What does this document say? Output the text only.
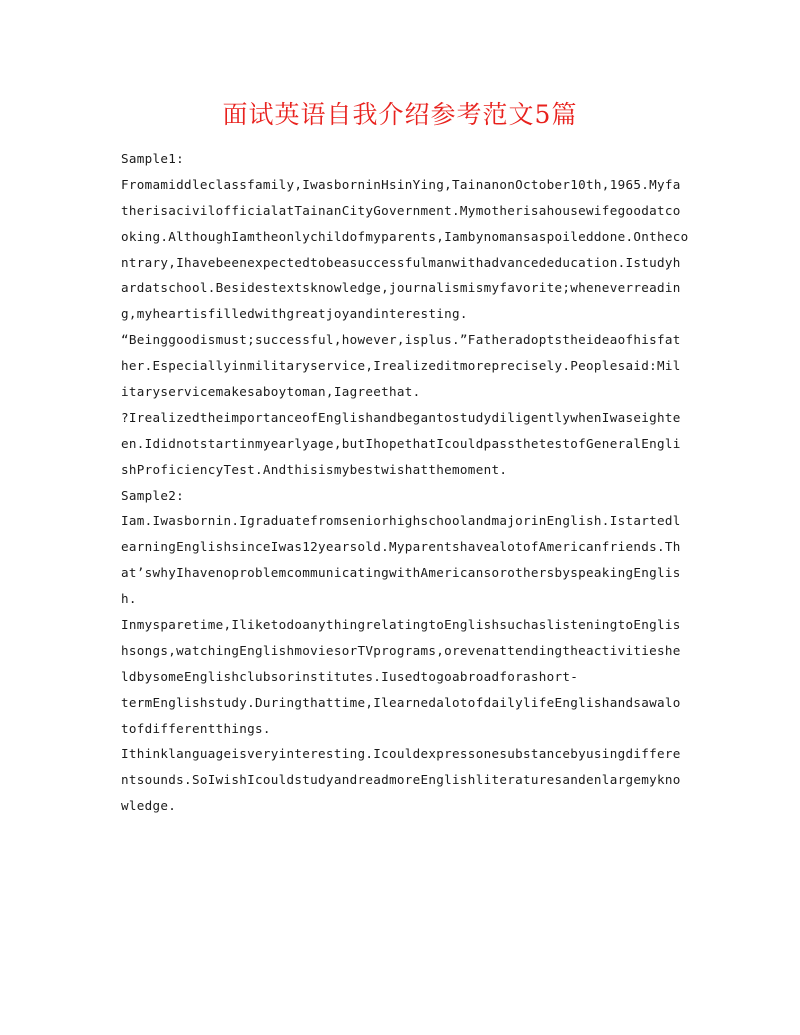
面试英语自我介绍参考范文5篇
Sample1:
Fromamiddleclassfamily,IwasborninHsinYing,TainanonOctober10th,1965.Myfa
therisacivilofficialatTainanCityGovernment.Mymotherisahousewifegoodatco
oking.AlthoughIamtheonlychildofmyparents,Iambynomansaspoileddone.Ontheco
ntrary,Ihavebeenexpectedtobeasuccessfulmanwithadvancededucation.Istudyh
ardatschool.Besidestextsknowledge,journalismismyfavorite;wheneverreadin
g,myheartisfilledwithgreatjoyandinteresting.
“Beinggoodismust;successful,however,isplus.”Fatheradoptstheideaofhisfat
her.Especiallyinmilitaryservice,Irealizeditmoreprecisely.Peoplesaid:Mil
itaryservicemakesaboytoman,Iagreethat.
?IrealizedtheimportanceofEnglishandbegantostudydiligentlywhenIwaseighte
en.Ididnotstartinmyearlyage,butIhopethatIcouldpassthetestofGeneralEngli
shProficiencyTest.Andthisismybestwishatthemoment.
Sample2:
Iam.Iwasbornin.IgraduatefromseniorhighschoolandmajorinEnglish.Istartedl
earningEnglishsinceIwas12yearsold.MyparentshavealotofAmericanfriends.Th
at’swhyIhavenoproblemcommunicatingwithAmericansorothersbyspeakingEnglis
h.
Inmysparetime,IliketodoanythingrelatingtoEnglishsuchaslisteningtoEnglis
hsongs,watchingEnglishmoviesorTVprograms,orevenattendingtheactivitieshe
ldbysomeEnglishclubsorinstitutes.Iusedtogoabroadforashort-
termEnglishstudy.Duringthattime,IlearnedalotofdailylifeEnglishandsawalo
tofdifferentthings.
Ithinklanguageisveryinteresting.Icouldexpressonesubstancebyusingdiffere
ntsounds.SoIwishIcouldstudyandreadmoreEnglishliteraturesandenlargemykno
wledge.
